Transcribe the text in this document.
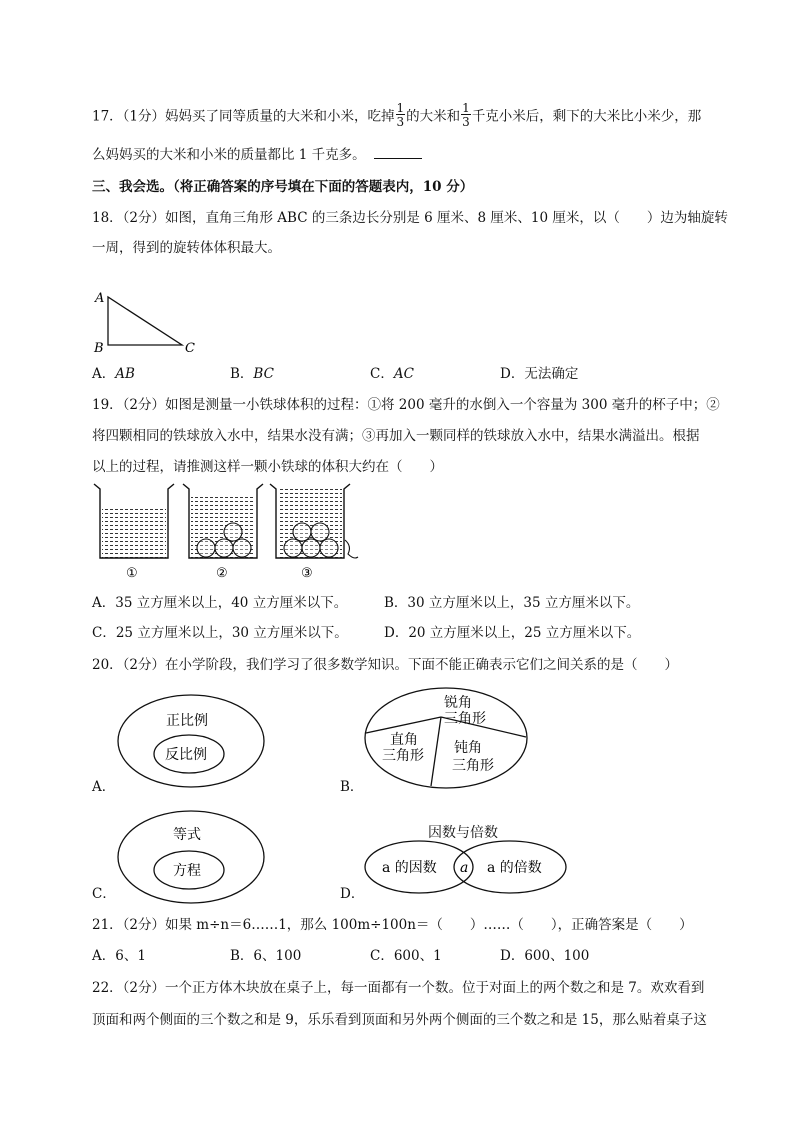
17．（1分）妈妈买了同等质量的大米和小米，吃掉 $\frac{1}{3}$ 的大米和 $\frac{1}{3}$ 千克小米后，剩下的大米比小米少，那
么妈妈买的大米和小米的质量都比 1 千克多。
三、我会选。（将正确答案的序号填在下面的答题表内，10 分）
18．（2分）如图，直角三角形 ABC 的三条边长分别是 6 厘米、8 厘米、10 厘米，以（　　）边为轴旋转
一周，得到的旋转体体积最大。
A
B	C
A．AB	B．BC	C．AC	D．无法确定
19．（2分）如图是测量一小铁球体积的过程：①将 200 毫升的水倒入一个容量为 300 毫升的杯子中；②
将四颗相同的铁球放入水中，结果水没有满；③再加入一颗同样的铁球放入水中，结果水满溢出。根据
以上的过程，请推测这样一颗小铁球的体积大约在（　　）
①	②	③
A．35 立方厘米以上，40 立方厘米以下。	B．30 立方厘米以上，35 立方厘米以下。
C．25 立方厘米以上，30 立方厘米以下。	D．20 立方厘米以上，25 立方厘米以下。
20．（2分）在小学阶段，我们学习了很多数学知识。下面不能正确表示它们之间关系的是（　　）
A．
正比例
反比例
B．
锐角
三角形
直角
三角形 钝角
三角形
C．
等式
方程
D．
因数与倍数
a 的因数 a a 的倍数
21．（2分）如果 m÷n＝6……1，那么 100m÷100n＝（　　）……（　　），正确答案是（　　）
A．6、1	B．6、100	C．600、1	D．600、100
22．（2分）一个正方体木块放在桌子上，每一面都有一个数。位于对面上的两个数之和是 7。欢欢看到
顶面和两个侧面的三个数之和是 9，乐乐看到顶面和另外两个侧面的三个数之和是 15，那么贴着桌子这
